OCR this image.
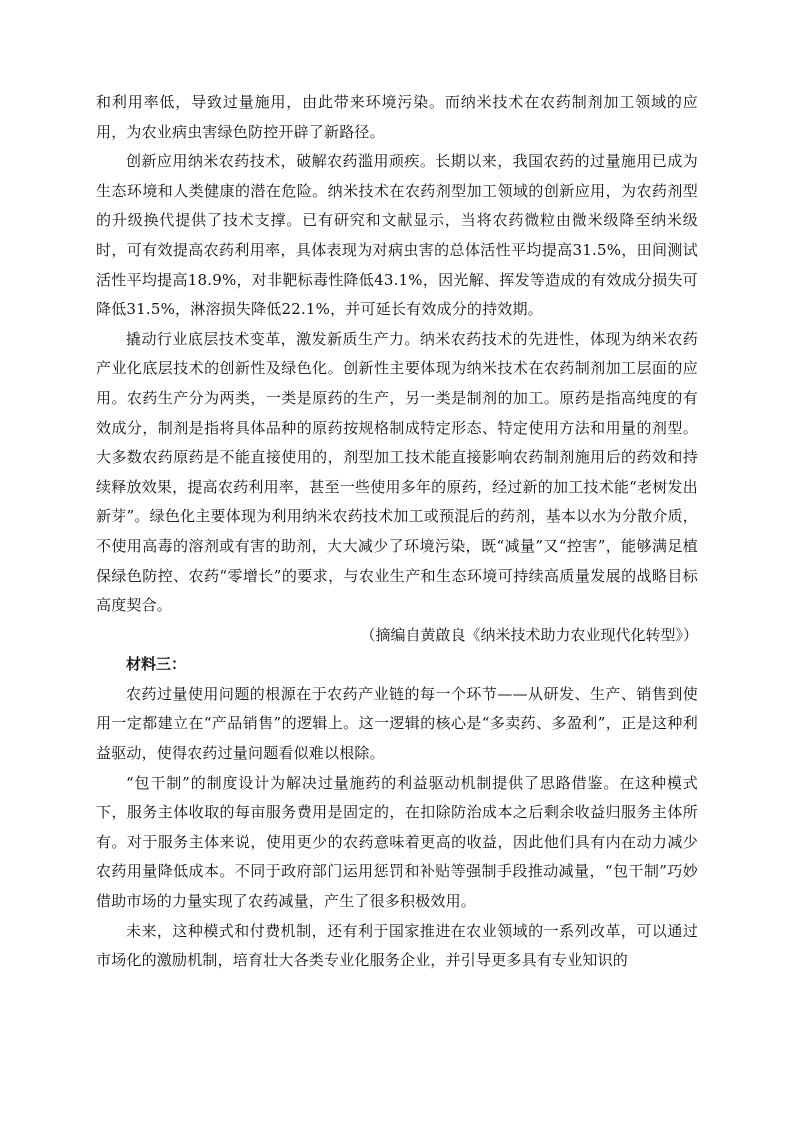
和利用率低，导致过量施用，由此带来环境污染。而纳米技术在农药制剂加工领域的应用，为农业病虫害绿色防控开辟了新路径。

创新应用纳米农药技术，破解农药滥用顽疾。长期以来，我国农药的过量施用已成为生态环境和人类健康的潜在危险。纳米技术在农药剂型加工领域的创新应用，为农药剂型的升级换代提供了技术支撑。已有研究和文献显示，当将农药微粒由微米级降至纳米级时，可有效提高农药利用率，具体表现为对病虫害的总体活性平均提高31.5%，田间测试活性平均提高18.9%，对非靶标毒性降低43.1%，因光解、挥发等造成的有效成分损失可降低31.5%，淋溶损失降低22.1%，并可延长有效成分的持效期。

撬动行业底层技术变革，激发新质生产力。纳米农药技术的先进性，体现为纳米农药产业化底层技术的创新性及绿色化。创新性主要体现为纳米技术在农药制剂加工层面的应用。农药生产分为两类，一类是原药的生产，另一类是制剂的加工。原药是指高纯度的有效成分，制剂是指将具体品种的原药按规格制成特定形态、特定使用方法和用量的剂型。大多数农药原药是不能直接使用的，剂型加工技术能直接影响农药制剂施用后的药效和持续释放效果，提高农药利用率，甚至一些使用多年的原药，经过新的加工技术能“老树发出新芽”。绿色化主要体现为利用纳米农药技术加工或预混后的药剂，基本以水为分散介质，不使用高毒的溶剂或有害的助剂，大大减少了环境污染，既“减量”又“控害”，能够满足植保绿色防控、农药“零增长”的要求，与农业生产和生态环境可持续高质量发展的战略目标高度契合。

（摘编自黄啟良《纳米技术助力农业现代化转型》）

材料三：

农药过量使用问题的根源在于农药产业链的每一个环节——从研发、生产、销售到使用一定都建立在“产品销售”的逻辑上。这一逻辑的核心是“多卖药、多盈利”，正是这种利益驱动，使得农药过量问题看似难以根除。

“包干制”的制度设计为解决过量施药的利益驱动机制提供了思路借鉴。在这种模式下，服务主体收取的每亩服务费用是固定的，在扣除防治成本之后剩余收益归服务主体所有。对于服务主体来说，使用更少的农药意味着更高的收益，因此他们具有内在动力减少农药用量降低成本。不同于政府部门运用惩罚和补贴等强制手段推动减量，“包干制”巧妙借助市场的力量实现了农药减量，产生了很多积极效用。

未来，这种模式和付费机制，还有利于国家推进在农业领域的一系列改革，可以通过市场化的激励机制，培育壮大各类专业化服务企业，并引导更多具有专业知识的
